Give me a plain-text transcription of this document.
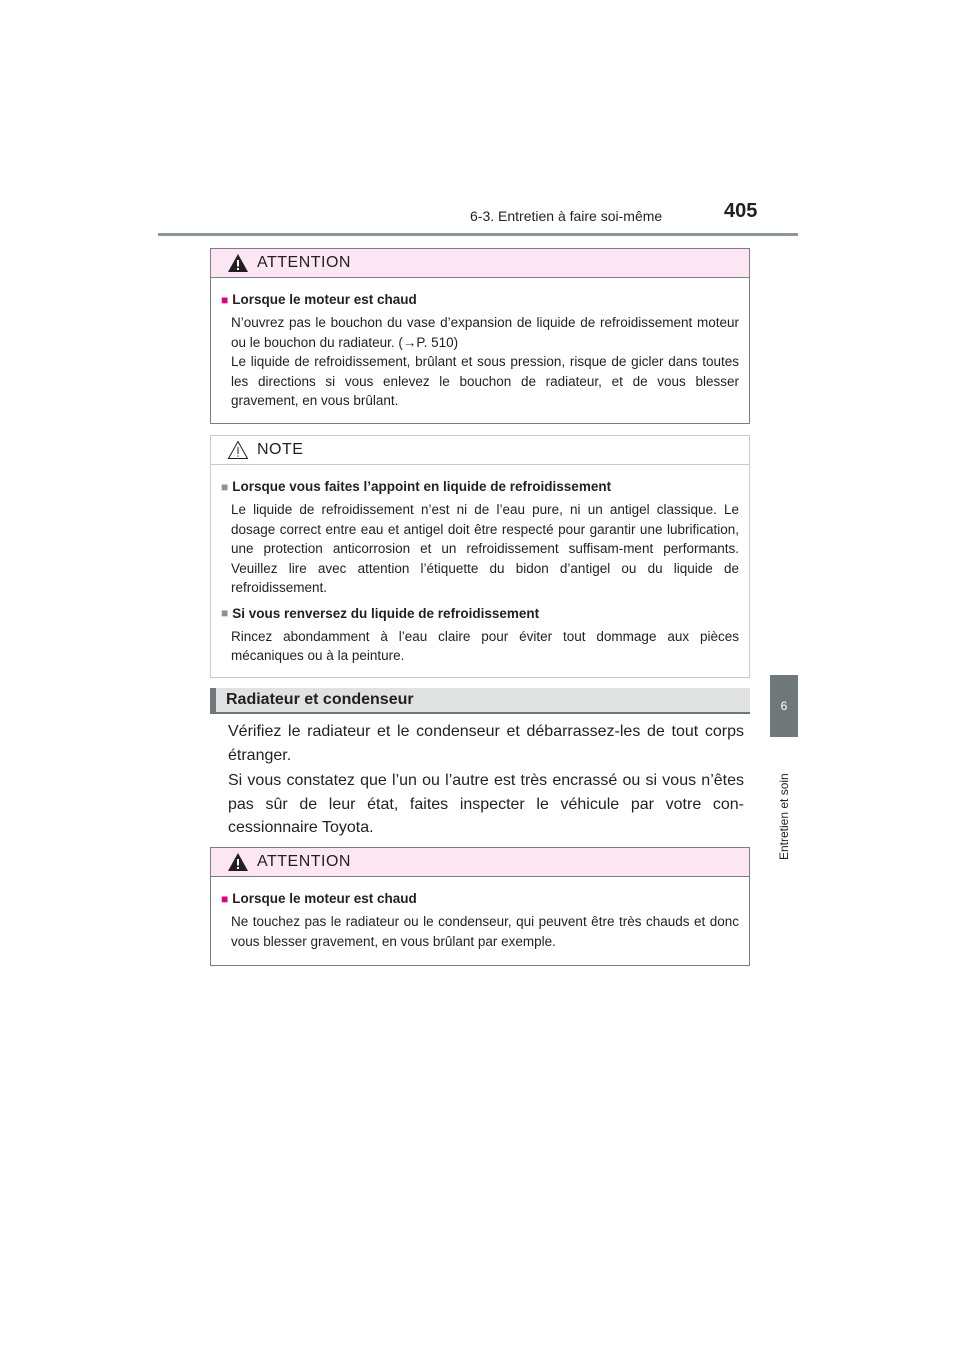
6-3. Entretien à faire soi-même	405
6
Entretien et soin
ATTENTION
■ Lorsque le moteur est chaud

N’ouvrez pas le bouchon du vase d’expansion de liquide de refroidissement moteur ou le bouchon du radiateur. (→P. 510)

Le liquide de refroidissement, brûlant et sous pression, risque de gicler dans toutes les directions si vous enlevez le bouchon de radiateur, et de vous blesser gravement, en vous brûlant.

NOTE
■ Lorsque vous faites l’appoint en liquide de refroidissement

Le liquide de refroidissement n’est ni de l’eau pure, ni un antigel classique. Le dosage correct entre eau et antigel doit être respecté pour garantir une lubrification, une protection anticorrosion et un refroidissement suffisam-ment performants. Veuillez lire avec attention l’étiquette du bidon d’antigel ou du liquide de refroidissement.

■ Si vous renversez du liquide de refroidissement

Rincez abondamment à l’eau claire pour éviter tout dommage aux pièces mécaniques ou à la peinture.

Radiateur et condenseur

Vérifiez le radiateur et le condenseur et débarrassez-les de tout corps étranger.

Si vous constatez que l’un ou l’autre est très encrassé ou si vous n’êtes pas sûr de leur état, faites inspecter le véhicule par votre con-cessionnaire Toyota.

ATTENTION
■ Lorsque le moteur est chaud

Ne touchez pas le radiateur ou le condenseur, qui peuvent être très chauds et donc vous blesser gravement, en vous brûlant par exemple.
